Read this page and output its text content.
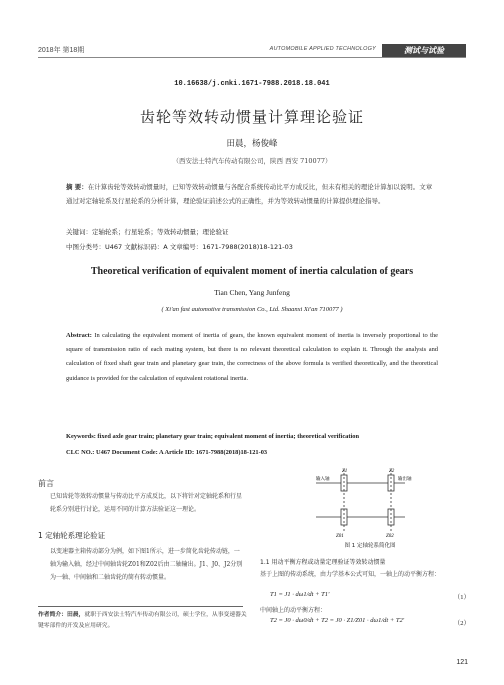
2018年 第18期	AUTOMOBILE APPLIED TECHNOLOGY	测试与试验
10.16638/j.cnki.1671-7988.2018.18.041
齿轮等效转动惯量计算理论验证
田晨，杨俊峰
（西安法士特汽车传动有限公司，陕西 西安 710077）
摘 要：在计算齿轮等效转动惯量时，已知等效转动惯量与各配合系统传动比平方成反比，但未有相关的理论计算加以说明。文章通过对定轴轮系及行星轮系的分析计算，理论验证前述公式的正确性，并为等效转动惯量的计算提供理论指导。
关键词：定轴轮系；行星轮系；等效转动惯量；理论验证
中图分类号：U467 文献标识码：A 文章编号：1671-7988(2018)18-121-03
Theoretical verification of equivalent moment of inertia calculation of gears
Tian Chen, Yang Junfeng
( Xi'an fast automotive transmission Co., Ltd. Shaanxi Xi'an 710077 )
Abstract: In calculating the equivalent moment of inertia of gears, the known equivalent moment of inertia is inversely proportional to the square of transmission ratio of each mating system, but there is no relevant theoretical calculation to explain it. Through the analysis and calculation of fixed shaft gear train and planetary gear train, the correctness of the above formula is verified theoretically, and the theoretical guidance is provided for the calculation of equivalent rotational inertia.
Keywords: fixed axle gear train; planetary gear train; equivalent moment of inertia; theoretical verification
CLC NO.: U467 Document Code: A Article ID: 1671-7988(2018)18-121-03
前言
已知齿轮等效转动惯量与传动比平方成反比，以下将针对定轴轮系和行星轮系分别进行讨论，运用不同的计算方法验证这一理论。
1 定轴轮系理论验证
以变速器主箱传动部分为例，如下图1所示，进一步简化齿轮传动链，一轴为输入轴，经过中间轴齿轮Z01和Z02后由二轴输出。J1、J0、J2分别为一轴、中间轴和二轴齿轮的简有转动惯量。
作者简介：田晨，就职于西安法士特汽车传动有限公司，硕士学位，从事变速器关键零部件的开发及应用研究。
Z1	Z2
Z01	Z02
输入轴	输出轴
图 1 定轴轮系简化图
1.1 用动平衡方程或动量定理验证等效转动惯量
基于上图的传动系统，由力学基本公式可知，一轴上的动平衡方程：
T1 = J1 · dω1/dt + T1'	（1）
中间轴上的动平衡方程：
T2 = J0 · dω0/dt + T2 = J0 · Z1/Z01 · dω1/dt + T2'	（2）
121
